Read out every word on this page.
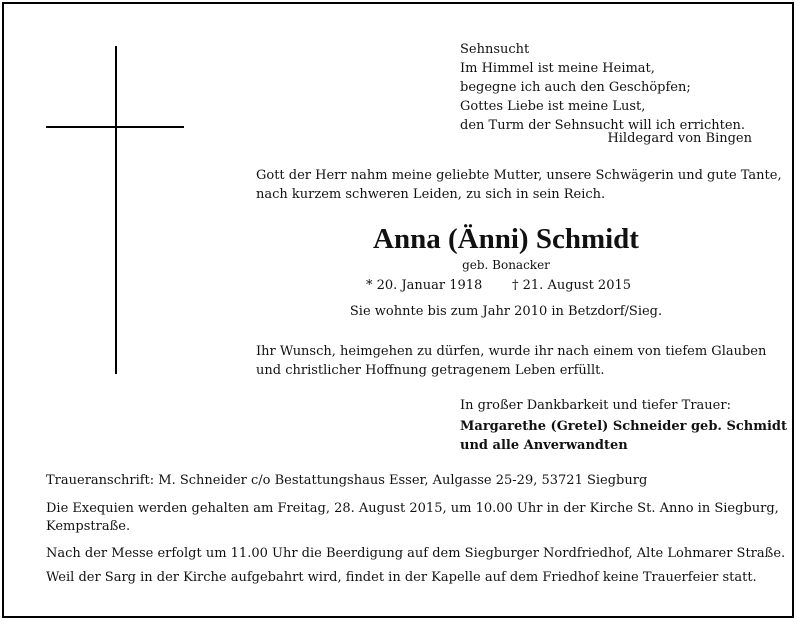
Sehnsucht
Im Himmel ist meine Heimat,
begegne ich auch den Geschöpfen;
Gottes Liebe ist meine Lust,
den Turm der Sehnsucht will ich errichten.
Hildegard von Bingen
Gott der Herr nahm meine geliebte Mutter, unsere Schwägerin und gute Tante,
nach kurzem schweren Leiden, zu sich in sein Reich.
Anna (Änni) Schmidt
geb. Bonacker
* 20. Januar 1918 † 21. August 2015
Sie wohnte bis zum Jahr 2010 in Betzdorf/Sieg.
Ihr Wunsch, heimgehen zu dürfen, wurde ihr nach einem von tiefem Glauben
und christlicher Hoffnung getragenem Leben erfüllt.
In großer Dankbarkeit und tiefer Trauer:
Margarethe (Gretel) Schneider geb. Schmidt
und alle Anverwandten
Traueranschrift: M. Schneider c/o Bestattungshaus Esser, Aulgasse 25-29, 53721 Siegburg
Die Exequien werden gehalten am Freitag, 28. August 2015, um 10.00 Uhr in der Kirche St. Anno in Siegburg,
Kempstraße.
Nach der Messe erfolgt um 11.00 Uhr die Beerdigung auf dem Siegburger Nordfriedhof, Alte Lohmarer Straße.
Weil der Sarg in der Kirche aufgebahrt wird, findet in der Kapelle auf dem Friedhof keine Trauerfeier statt.
